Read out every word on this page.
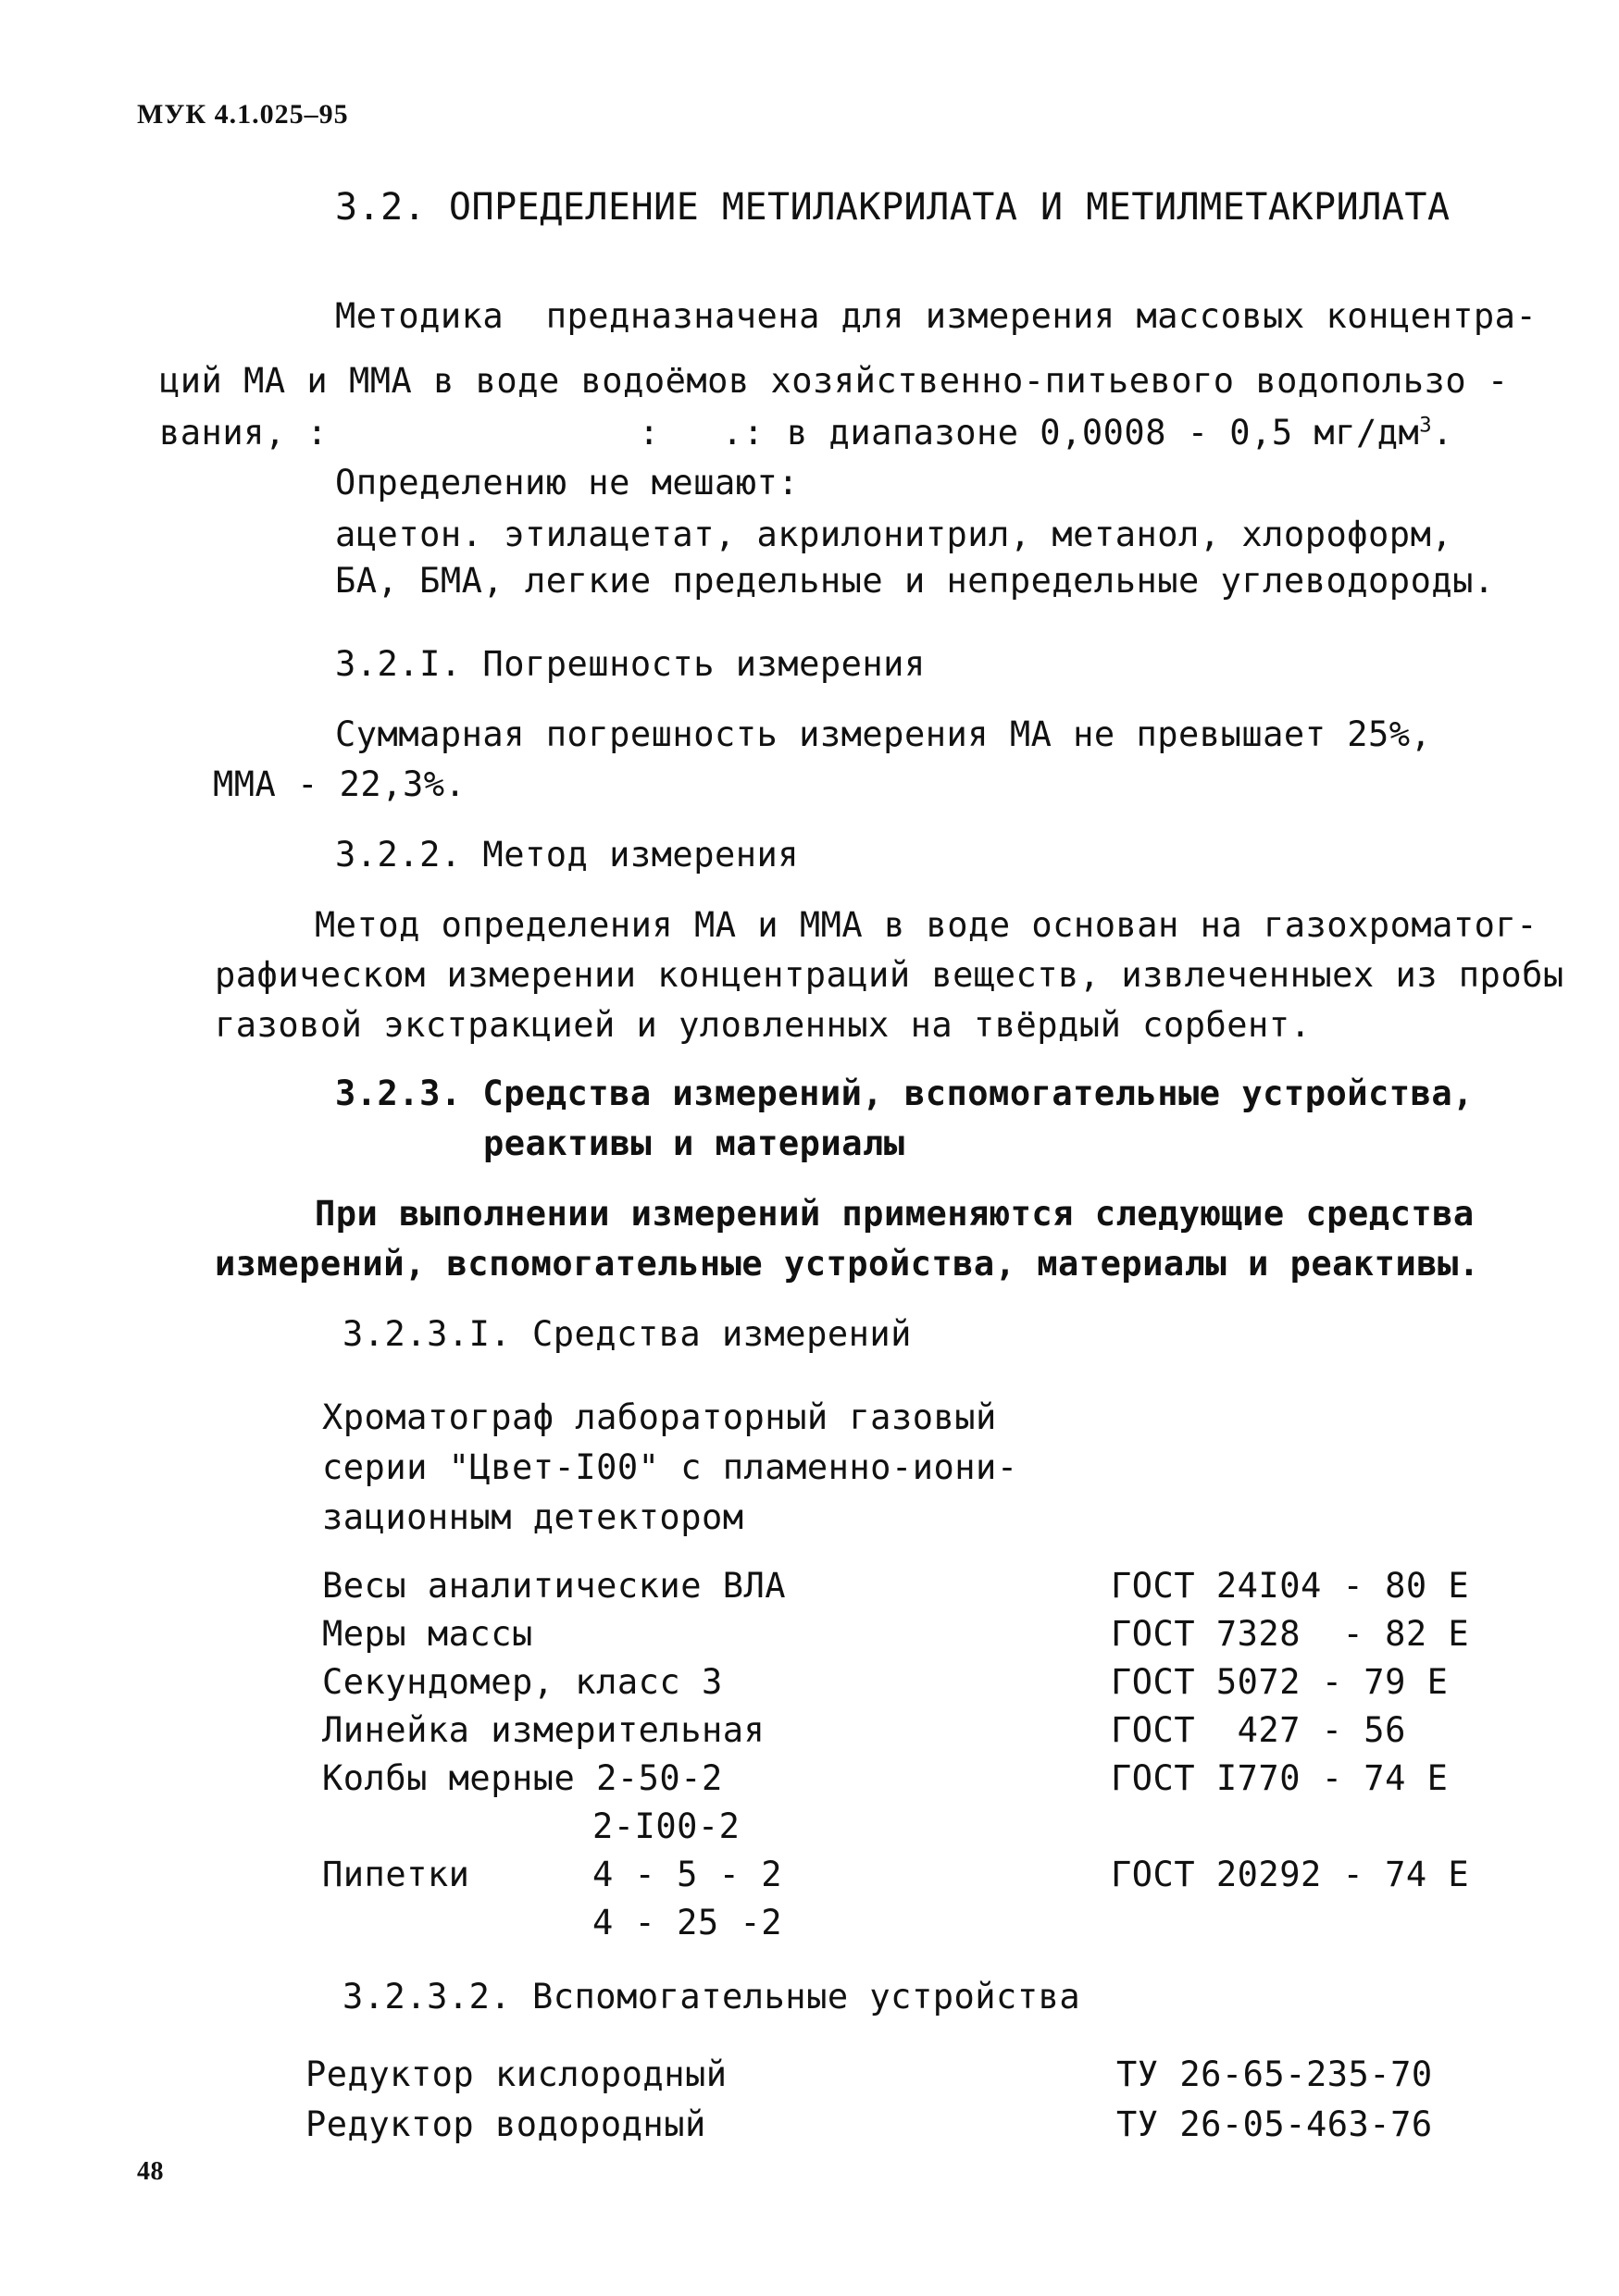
МУК 4.1.025–95
3.2. ОПРЕДЕЛЕНИЕ МЕТИЛАКРИЛАТА И МЕТИЛМЕТАКРИЛАТА
Методика  предназначена для измерения массовых концентра-
ций МА и ММА в воде водоёмов хозяйственно-питьевого водопользо -
вания, :	: .: в диапазоне 0,0008 - 0,5 $мг/дм^3$.
Определению не мешают:
ацетон. этилацетат, акрилонитрил, метанол, хлороформ,
БА, БМА, легкие предельные и непредельные углеводороды.
3.2.I. Погрешность измерения
Суммарная погрешность измерения МА не превышает 25%,
ММА - 22,3%.
3.2.2. Метод измерения
Метод определения МА и ММА в воде основан на газохроматог-
рафическом измерении концентраций веществ, извлеченныех из пробы
газовой экстракцией и уловленных на твёрдый сорбент.
3.2.3. Средства измерений, вспомогательные устройства,
реактивы и материалы
При выполнении измерений применяются следующие средства
измерений, вспомогательные устройства, материалы и реактивы.
3.2.3.I. Средства измерений
Хроматограф лабораторный газовый
серии "Цвет-I00" с пламенно-иони-
зационным детектором
Весы аналитические ВЛА	ГОСТ 24I04 - 80 Е
Меры массы	ГОСТ 7328  - 82 Е
Секундомер, класс 3	ГОСТ 5072 - 79 Е
Линейка измерительная	ГОСТ  427 - 56
Колбы мерные 2-50-2	ГОСТ I770 - 74 Е
2-I00-2
Пипетки	4 - 5 - 2	ГОСТ 20292 - 74 Е
4 - 25 -2
3.2.3.2. Вспомогательные устройства
Редуктор кислородный	ТУ 26-65-235-70
Редуктор водородный	ТУ 26-05-463-76
48
